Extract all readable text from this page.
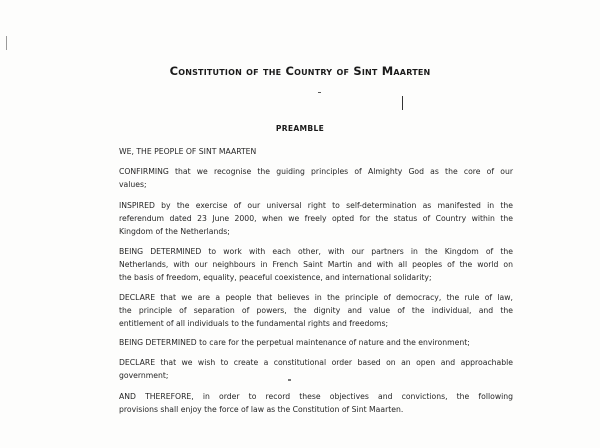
Constitution of the Country of Sint Maarten
PREAMBLE
WE, THE PEOPLE OF SINT MAARTEN
CONFIRMING that we recognise the guiding principles of Almighty God as the core of our
values;
INSPIRED by the exercise of our universal right to self-determination as manifested in the
referendum dated 23 June 2000, when we freely opted for the status of Country within the
Kingdom of the Netherlands;
BEING DETERMINED to work with each other, with our partners in the Kingdom of the
Netherlands, with our neighbours in French Saint Martin and with all peoples of the world on
the basis of freedom, equality, peaceful coexistence, and international solidarity;
DECLARE that we are a people that believes in the principle of democracy, the rule of law,
the principle of separation of powers, the dignity and value of the individual, and the
entitlement of all individuals to the fundamental rights and freedoms;
BEING DETERMINED to care for the perpetual maintenance of nature and the environment;
DECLARE that we wish to create a constitutional order based on an open and approachable
government;
AND THEREFORE, in order to record these objectives and convictions, the following
provisions shall enjoy the force of law as the Constitution of Sint Maarten.
